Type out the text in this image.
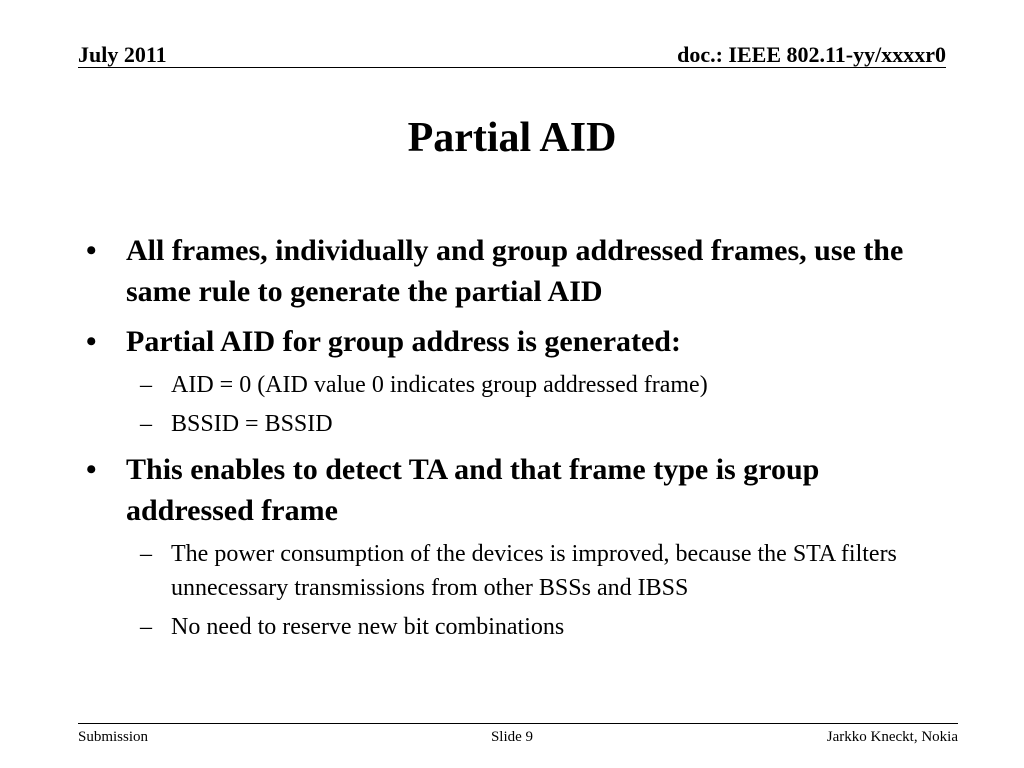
July 2011	doc.: IEEE 802.11-yy/xxxxr0
Partial AID
• All frames, individually and group addressed frames, use the same rule to generate the partial AID
• Partial AID for group address is generated:
– AID = 0 (AID value 0 indicates group addressed frame)
– BSSID = BSSID
• This enables to detect TA and that frame type is group addressed frame
– The power consumption of the devices is improved, because the STA filters unnecessary transmissions from other BSSs and IBSS
– No need to reserve new bit combinations
Submission	Slide 9	Jarkko Kneckt, Nokia
